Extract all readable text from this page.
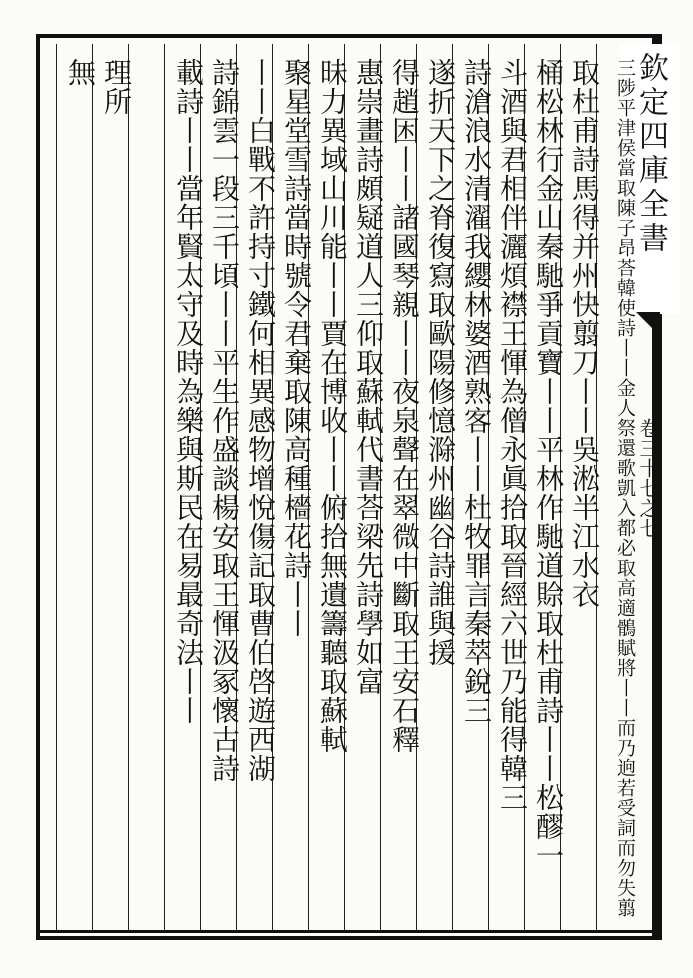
欽定四庫全書
卷三十七之七
三陟平津侯當取陳子昂荅韓使詩丨丨金人祭還歌凱入都必取高適鶻賦將丨丨而乃逈若受詞而勿失翦
取杜甫詩馬得并州快翦刀丨丨吳淞半江水衣
桶松林行金山秦馳爭貢寶丨丨平林作馳道賒取杜甫詩丨丨松醪一
斗酒與君相伴灑煩襟王惲為僧永眞拾取晉經六世乃能得韓三
詩滄浪水清濯我纓林婆酒熟客丨丨杜牧罪言秦萃銳三
遂折天下之脊復寫取歐陽修憶滁州幽谷詩誰與援
得趙困丨丨諸國琴親丨丨夜泉聲在翠微中斷取王安石釋
惠崇畫詩頗疑道人三仰取蘇軾代書荅梁先詩學如富
昧力異域山川能丨丨賈在博收丨丨俯拾無遺籌聽取蘇軾
聚星堂雪詩當時號令君棄取陳高種檣花詩丨丨
丨丨白戰不許持寸鐵何相異感物增悅傷記取曹伯啓遊西湖
詩錦雲一段三千頃丨丨平生作盛談楊安取王惲汲冢懷古詩
載詩丨丨當年賢太守及時為樂與斯民在易最奇法丨丨
理所
無
